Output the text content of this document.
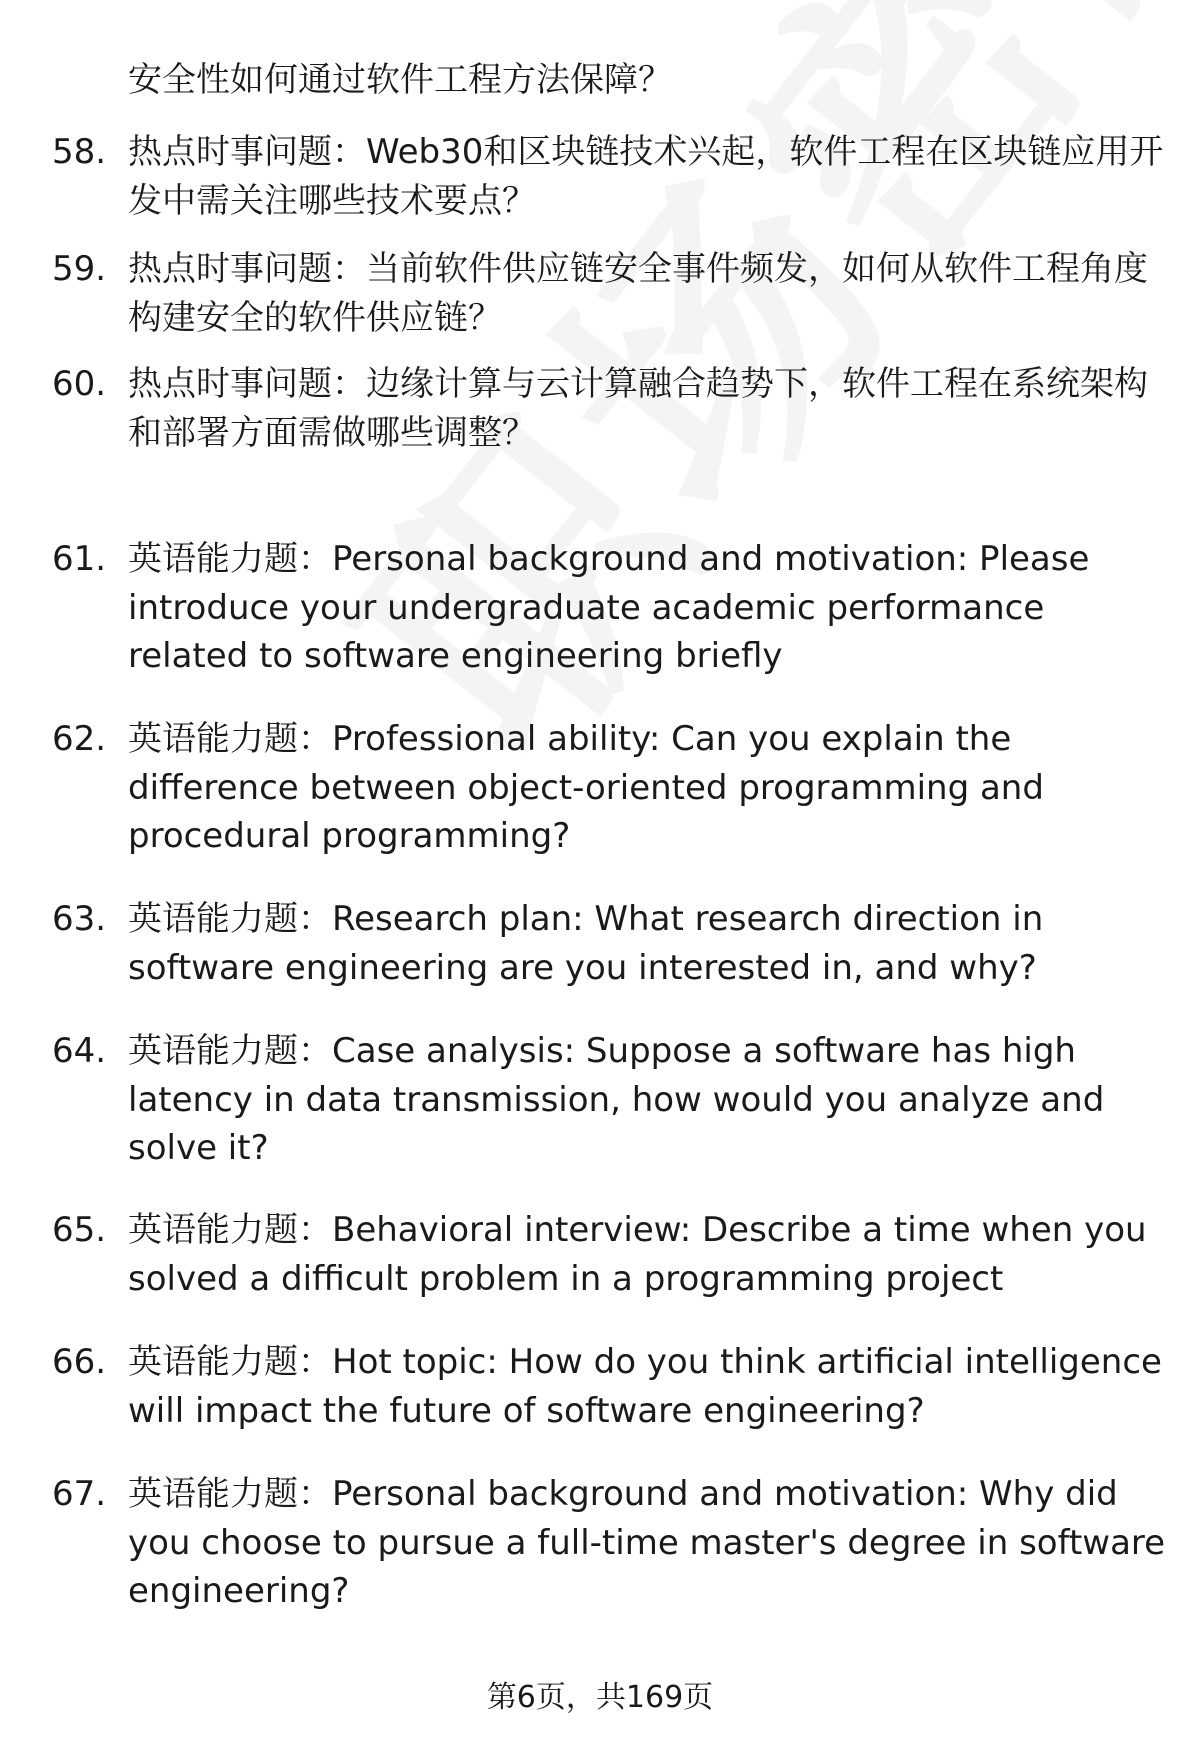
安全性如何通过软件工程方法保障？
58. 热点时事问题：Web30和区块链技术兴起，软件工程在区块链应用开发中需关注哪些技术要点？
59. 热点时事问题：当前软件供应链安全事件频发，如何从软件工程角度构建安全的软件供应链？
60. 热点时事问题：边缘计算与云计算融合趋势下，软件工程在系统架构和部署方面需做哪些调整？
61. 英语能力题：Personal background and motivation: Please introduce your undergraduate academic performance related to software engineering briefly
62. 英语能力题：Professional ability: Can you explain the difference between object-oriented programming and procedural programming?
63. 英语能力题：Research plan: What research direction in software engineering are you interested in, and why?
64. 英语能力题：Case analysis: Suppose a software has high latency in data transmission, how would you analyze and solve it?
65. 英语能力题：Behavioral interview: Describe a time when you solved a difficult problem in a programming project
66. 英语能力题：Hot topic: How do you think artificial intelligence will impact the future of software engineering?
67. 英语能力题：Personal background and motivation: Why did you choose to pursue a full-time master's degree in software engineering?
第6页，共169页
